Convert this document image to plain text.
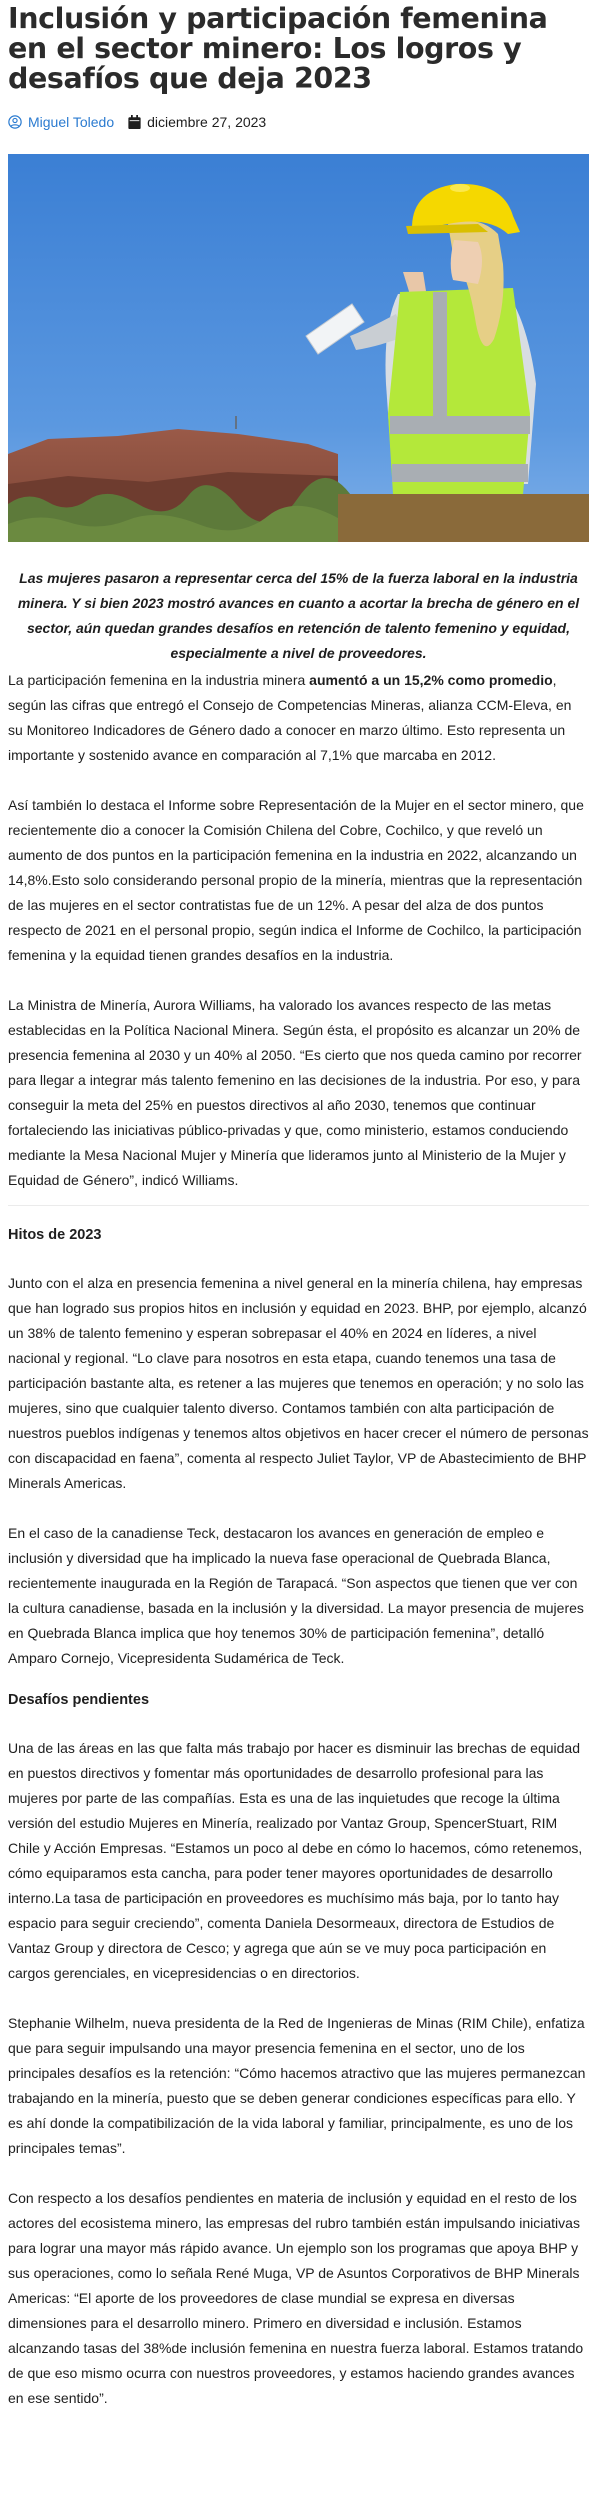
Inclusión y participación femenina en el sector minero: Los logros y desafíos que deja 2023
Miguel Toledo diciembre 27, 2023

Las mujeres pasaron a representar cerca del 15% de la fuerza laboral en la industria minera. Y si bien 2023 mostró avances en cuanto a acortar la brecha de género en el sector, aún quedan grandes desafíos en retención de talento femenino y equidad, especialmente a nivel de proveedores.

La participación femenina en la industria minera aumentó a un 15,2% como promedio, según las cifras que entregó el Consejo de Competencias Mineras, alianza CCM-Eleva, en su Monitoreo Indicadores de Género dado a conocer en marzo último. Esto representa un importante y sostenido avance en comparación al 7,1% que marcaba en 2012.

Así también lo destaca el Informe sobre Representación de la Mujer en el sector minero, que recientemente dio a conocer la Comisión Chilena del Cobre, Cochilco, y que reveló un aumento de dos puntos en la participación femenina en la industria en 2022, alcanzando un 14,8%.Esto solo considerando personal propio de la minería, mientras que la representación de las mujeres en el sector contratistas fue de un 12%. A pesar del alza de dos puntos respecto de 2021 en el personal propio, según indica el Informe de Cochilco, la participación femenina y la equidad tienen grandes desafíos en la industria.

La Ministra de Minería, Aurora Williams, ha valorado los avances respecto de las metas establecidas en la Política Nacional Minera. Según ésta, el propósito es alcanzar un 20% de presencia femenina al 2030 y un 40% al 2050. “Es cierto que nos queda camino por recorrer para llegar a integrar más talento femenino en las decisiones de la industria. Por eso, y para conseguir la meta del 25% en puestos directivos al año 2030, tenemos que continuar fortaleciendo las iniciativas público-privadas y que, como ministerio, estamos conduciendo mediante la Mesa Nacional Mujer y Minería que lideramos junto al Ministerio de la Mujer y Equidad de Género”, indicó Williams.

Hitos de 2023

Junto con el alza en presencia femenina a nivel general en la minería chilena, hay empresas que han logrado sus propios hitos en inclusión y equidad en 2023. BHP, por ejemplo, alcanzó un 38% de talento femenino y esperan sobrepasar el 40% en 2024 en líderes, a nivel nacional y regional. “Lo clave para nosotros en esta etapa, cuando tenemos una tasa de participación bastante alta, es retener a las mujeres que tenemos en operación; y no solo las mujeres, sino que cualquier talento diverso. Contamos también con alta participación de nuestros pueblos indígenas y tenemos altos objetivos en hacer crecer el número de personas con discapacidad en faena”, comenta al respecto Juliet Taylor, VP de Abastecimiento de BHP Minerals Americas.

En el caso de la canadiense Teck, destacaron los avances en generación de empleo e inclusión y diversidad que ha implicado la nueva fase operacional de Quebrada Blanca, recientemente inaugurada en la Región de Tarapacá. “Son aspectos que tienen que ver con la cultura canadiense, basada en la inclusión y la diversidad. La mayor presencia de mujeres en Quebrada Blanca implica que hoy tenemos 30% de participación femenina”, detalló Amparo Cornejo, Vicepresidenta Sudamérica de Teck.

Desafíos pendientes

Una de las áreas en las que falta más trabajo por hacer es disminuir las brechas de equidad en puestos directivos y fomentar más oportunidades de desarrollo profesional para las mujeres por parte de las compañías. Esta es una de las inquietudes que recoge la última versión del estudio Mujeres en Minería, realizado por Vantaz Group, SpencerStuart, RIM Chile y Acción Empresas. “Estamos un poco al debe en cómo lo hacemos, cómo retenemos, cómo equiparamos esta cancha, para poder tener mayores oportunidades de desarrollo interno.La tasa de participación en proveedores es muchísimo más baja, por lo tanto hay espacio para seguir creciendo”, comenta Daniela Desormeaux, directora de Estudios de Vantaz Group y directora de Cesco; y agrega que aún se ve muy poca participación en cargos gerenciales, en vicepresidencias o en directorios.

Stephanie Wilhelm, nueva presidenta de la Red de Ingenieras de Minas (RIM Chile), enfatiza que para seguir impulsando una mayor presencia femenina en el sector, uno de los principales desafíos es la retención: “Cómo hacemos atractivo que las mujeres permanezcan trabajando en la minería, puesto que se deben generar condiciones específicas para ello. Y es ahí donde la compatibilización de la vida laboral y familiar, principalmente, es uno de los principales temas”.

Con respecto a los desafíos pendientes en materia de inclusión y equidad en el resto de los actores del ecosistema minero, las empresas del rubro también están impulsando iniciativas para lograr una mayor más rápido avance. Un ejemplo son los programas que apoya BHP y sus operaciones, como lo señala René Muga, VP de Asuntos Corporativos de BHP Minerals Americas: “El aporte de los proveedores de clase mundial se expresa en diversas dimensiones para el desarrollo minero. Primero en diversidad e inclusión. Estamos alcanzando tasas del 38%de inclusión femenina en nuestra fuerza laboral. Estamos tratando de que eso mismo ocurra con nuestros proveedores, y estamos haciendo grandes avances en ese sentido”.
